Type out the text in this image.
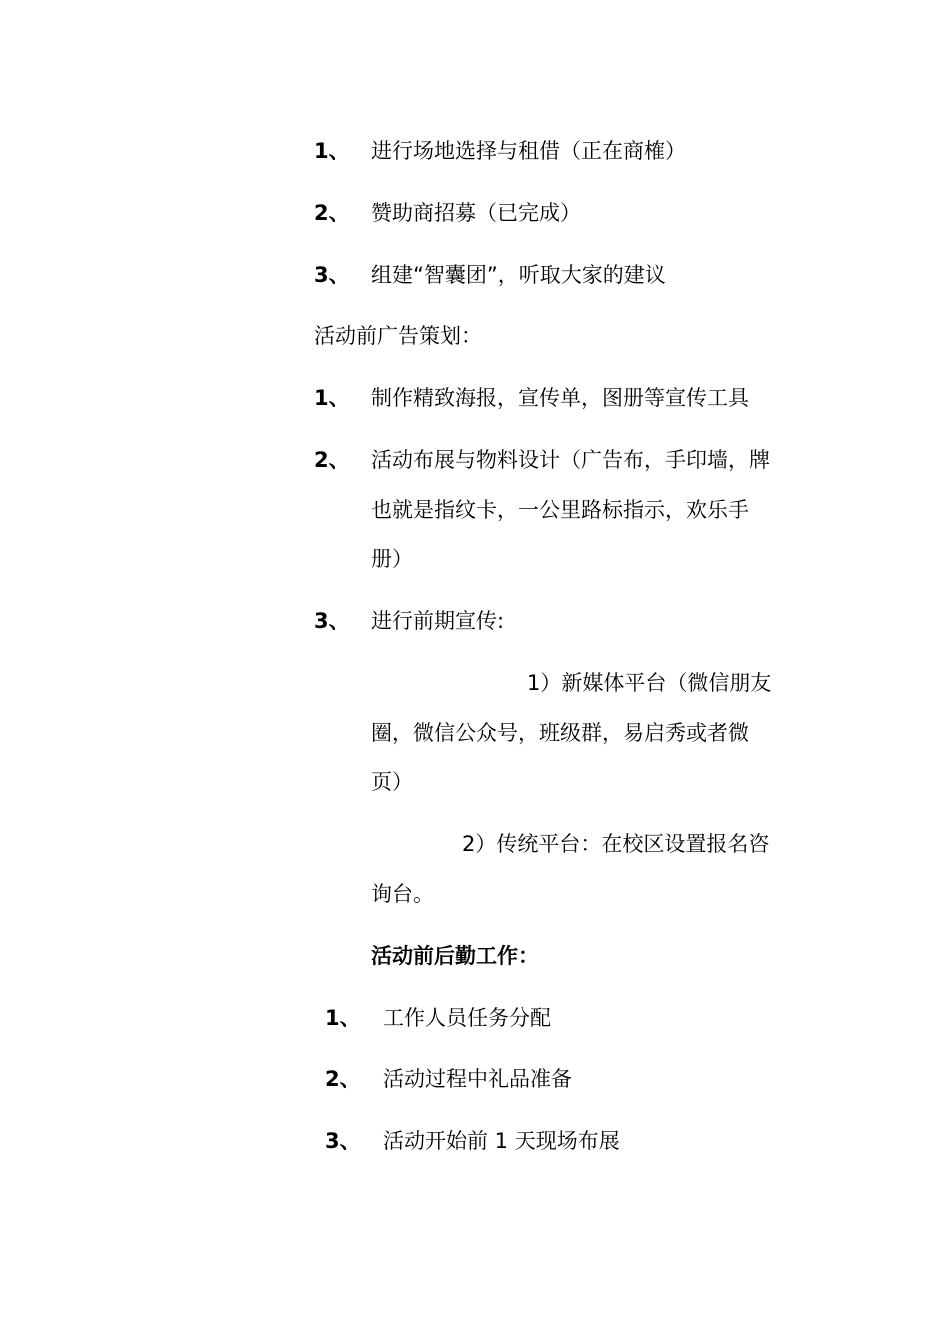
1、 进行场地选择与租借（正在商榷）
2、 赞助商招募（已完成）
3、 组建“智囊团”，听取大家的建议
活动前广告策划：
1、 制作精致海报，宣传单，图册等宣传工具
2、 活动布展与物料设计（广告布，手印墙，牌
也就是指纹卡，一公里路标指示，欢乐手
册）
3、 进行前期宣传:
1）新媒体平台（微信朋友
圈，微信公众号，班级群，易启秀或者微
页）
2）传统平台：在校区设置报名咨
询台。
活动前后勤工作：
1、 工作人员任务分配
2、 活动过程中礼品准备
3、 活动开始前 1 天现场布展
